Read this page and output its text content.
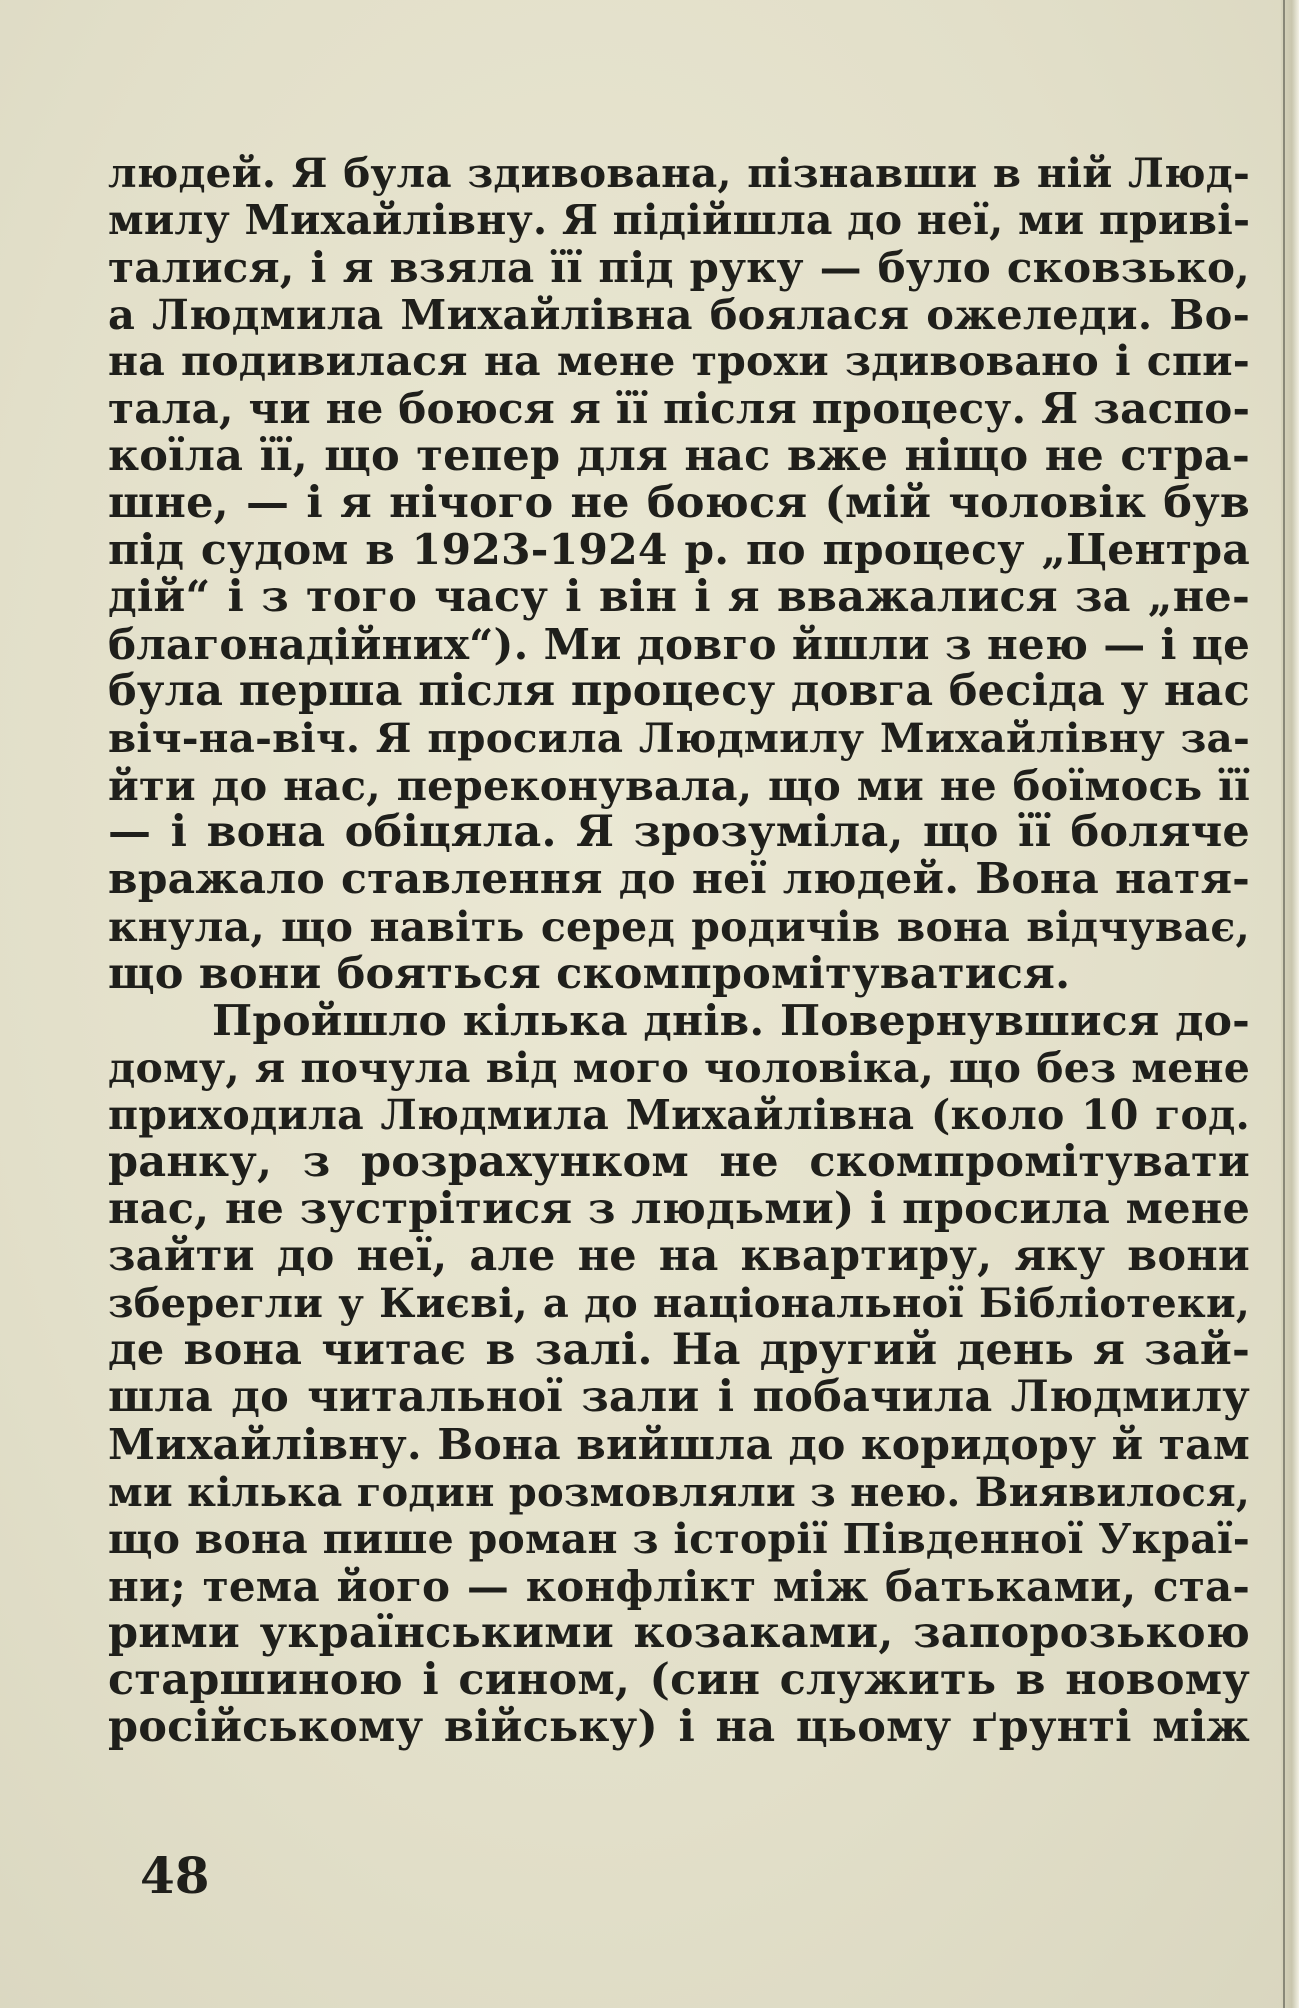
людей. Я була здивована, пізнавши в ній Люд-
милу Михайлівну. Я підійшла до неї, ми приві-
талися, і я взяла її під руку — було сковзько,
а Людмила Михайлівна боялася ожеледи. Во-
на подивилася на мене трохи здивовано і спи-
тала, чи не боюся я її після процесу. Я заспо-
коїла її, що тепер для нас вже ніщо не стра-
шне, — і я нічого не боюся (мій чоловік був
під судом в 1923-1924 р. по процесу „Центра
дій“ і з того часу і він і я вважалися за „не-
благонадійних“). Ми довго йшли з нею — і це
була перша після процесу довга бесіда у нас
віч-на-віч. Я просила Людмилу Михайлівну за-
йти до нас, переконувала, що ми не боїмось її
— і вона обіцяла. Я зрозуміла, що її боляче
вражало ставлення до неї людей. Вона натя-
кнула, що навіть серед родичів вона відчуває,
що вони бояться скомпромітуватися.
Пройшло кілька днів. Повернувшися до-
дому, я почула від мого чоловіка, що без мене
приходила Людмила Михайлівна (коло 10 год.
ранку, з розрахунком не скомпромітувати
нас, не зустрітися з людьми) і просила мене
зайти до неї, але не на квартиру, яку вони
зберегли у Києві, а до національної Бібліотеки,
де вона читає в залі. На другий день я зай-
шла до читальної зали і побачила Людмилу
Михайлівну. Вона вийшла до коридору й там
ми кілька годин розмовляли з нею. Виявилося,
що вона пише роман з історії Південної Украї-
ни; тема його — конфлікт між батьками, ста-
рими українськими козаками, запорозькою
старшиною і сином, (син служить в новому
російському війську) і на цьому ґрунті між

48
